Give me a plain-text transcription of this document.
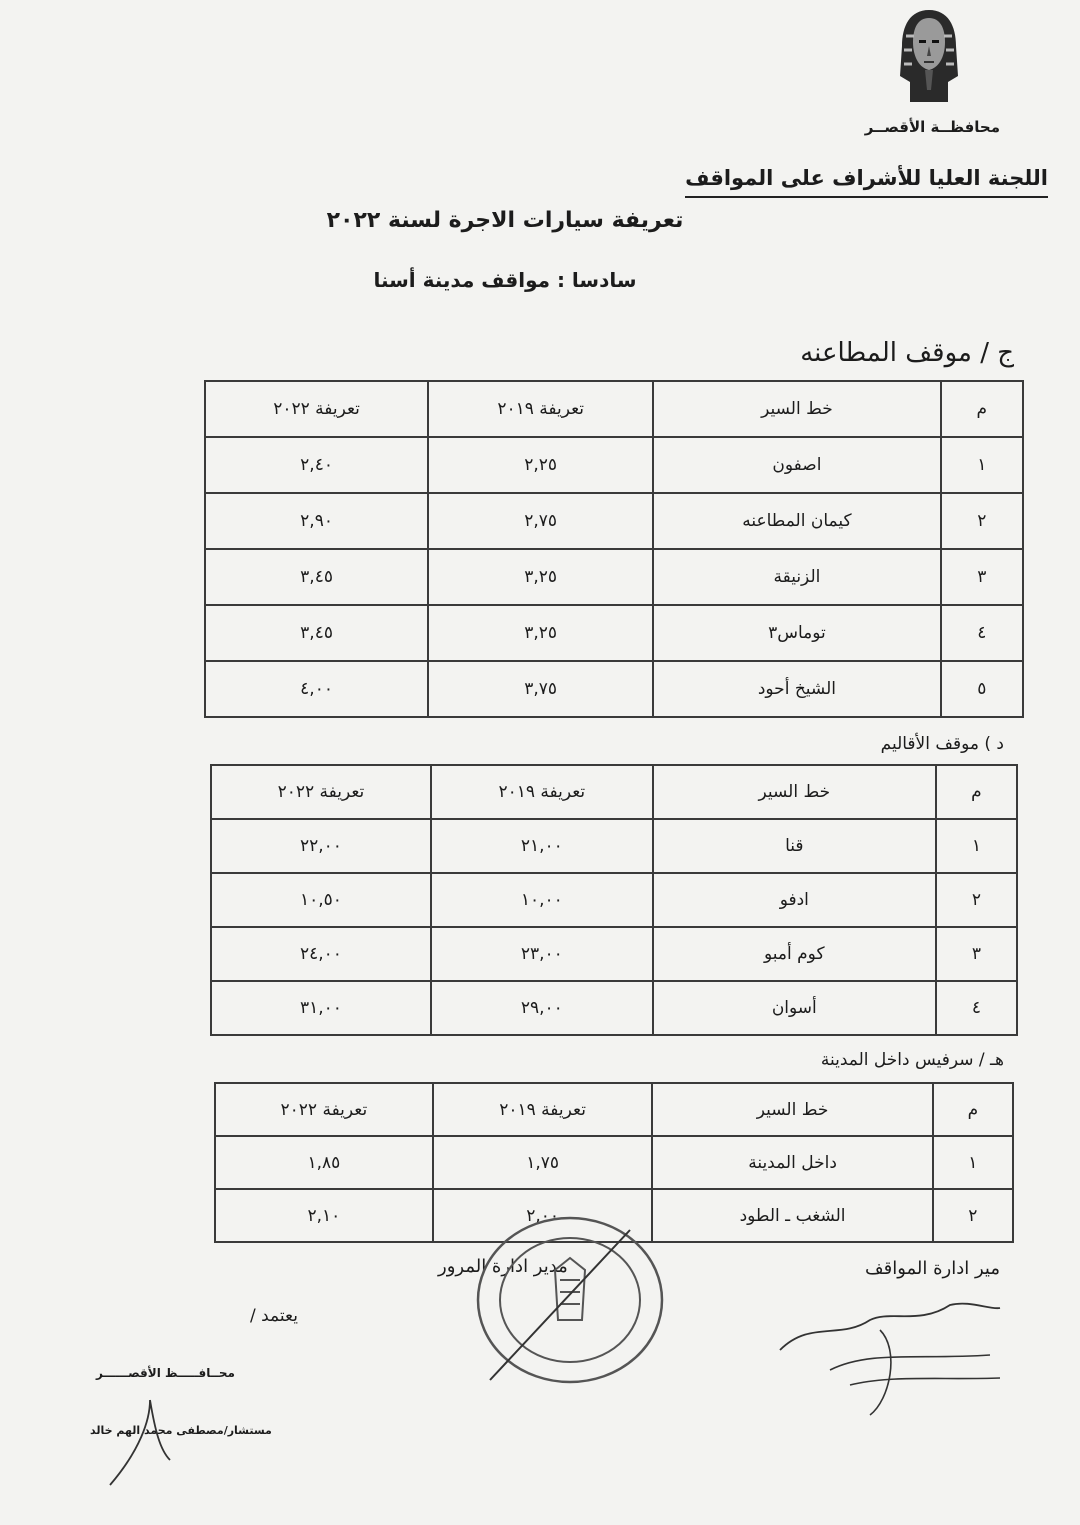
محافظــة الأقصــر
اللجنة العليا للأشراف على المواقف
تعريفة سيارات الاجرة لسنة ٢٠٢٢
سادسا : مواقف مدينة أسنا
ج / موقف المطاعنه
م	خط السير	تعريفة ٢٠١٩	تعريفة ٢٠٢٢
١	اصفون	٢,٢٥	٢,٤٠
٢	كيمان المطاعنه	٢,٧٥	٢,٩٠
٣	الزنيقة	٣,٢٥	٣,٤٥
٤	توماس٣	٣,٢٥	٣,٤٥
٥	الشيخ أحود	٣,٧٥	٤,٠٠
د ) موقف الأقاليم
م	خط السير	تعريفة ٢٠١٩	تعريفة ٢٠٢٢
١	قنا	٢١,٠٠	٢٢,٠٠
٢	ادفو	١٠,٠٠	١٠,٥٠
٣	كوم أمبو	٢٣,٠٠	٢٤,٠٠
٤	أسوان	٢٩,٠٠	٣١,٠٠
هـ / سرفيس داخل المدينة
م	خط السير	تعريفة ٢٠١٩	تعريفة ٢٠٢٢
١	داخل المدينة	١,٧٥	١,٨٥
٢	الشغب ـ الطود	٢,٠٠	٢,١٠
مير ادارة المواقف
مدير ادارة المرور
يعتمد /
محــافـــــظ الأقصــــــر
مستشار/مصطفى محمد الهم خالد
